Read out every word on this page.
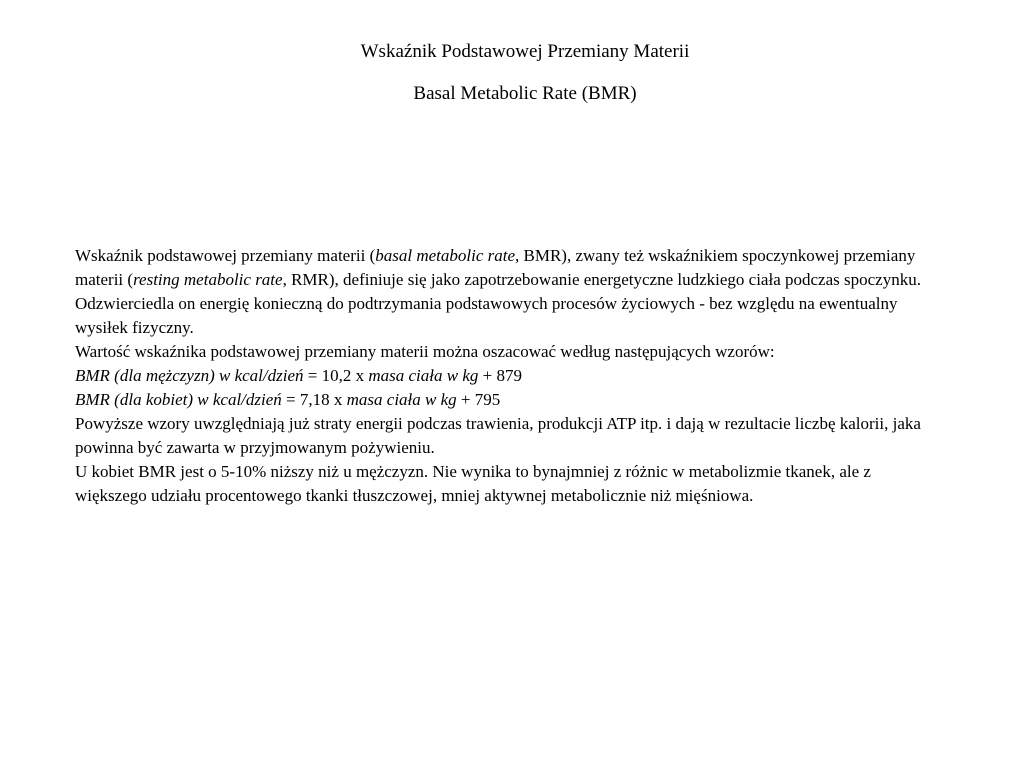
Wskaźnik Podstawowej Przemiany Materii
Basal Metabolic Rate (BMR)
Wskaźnik podstawowej przemiany materii (basal metabolic rate, BMR), zwany też wskaźnikiem spoczynkowej przemiany materii (resting metabolic rate, RMR), definiuje się jako zapotrzebowanie energetyczne ludzkiego ciała podczas spoczynku. Odzwierciedla on energię konieczną do podtrzymania podstawowych procesów życiowych - bez względu na ewentualny wysiłek fizyczny.
Wartość wskaźnika podstawowej przemiany materii można oszacować według następujących wzorów:
BMR (dla mężczyzn) w kcal/dzień = 10,2 x masa ciała w kg + 879
BMR (dla kobiet) w kcal/dzień = 7,18 x masa ciała w kg + 795
Powyższe wzory uwzględniają już straty energii podczas trawienia, produkcji ATP itp. i dają w rezultacie liczbę kalorii, jaka powinna być zawarta w przyjmowanym pożywieniu.
U kobiet BMR jest o 5-10% niższy niż u mężczyzn. Nie wynika to bynajmniej z różnic w metabolizmie tkanek, ale z większego udziału procentowego tkanki tłuszczowej, mniej aktywnej metabolicznie niż mięśniowa.
